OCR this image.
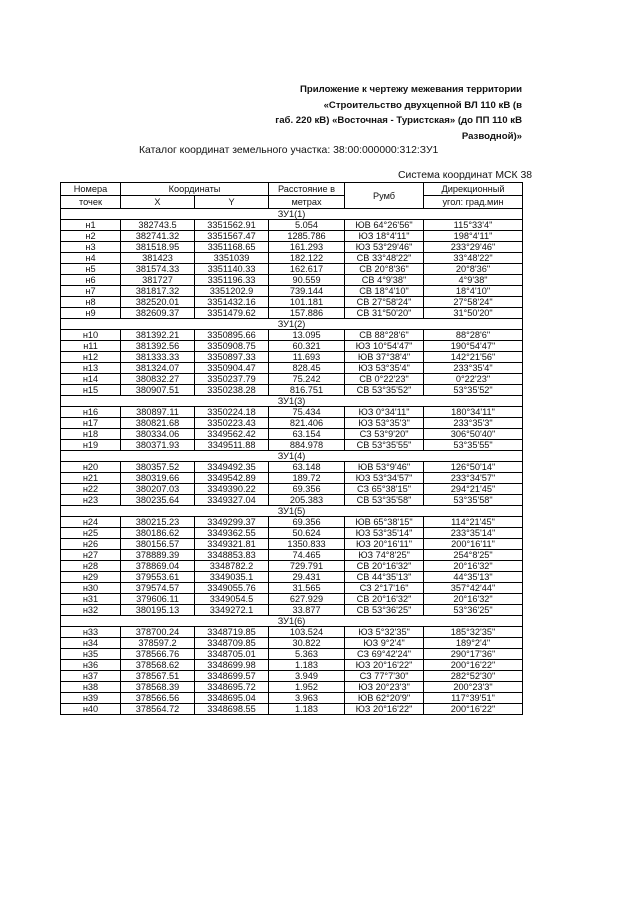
Приложение к чертежу межевания территории
«Строительство двухцепной ВЛ 110 кВ (в
габ. 220 кВ) «Восточная - Туристская» (до ПП 110 кВ
Разводной)»
Каталог координат земельного участка: 38:00:000000:312:ЗУ1
Система координат МСК 38
Номера	Координаты		Расстояние в	Румб	Дирекционный
точек	X	Y	метрах		угол: град.мин
ЗУ1(1)					
н1	382743.5	3351562.91	5.054	ЮВ 64°26'56"	115°33'4"
н2	382741.32	3351567.47	1285.786	ЮЗ 18°4'11"	198°4'11"
н3	381518.95	3351168.65	161.293	ЮЗ 53°29'46"	233°29'46"
н4	381423	3351039	182.122	СВ 33°48'22"	33°48'22"
н5	381574.33	3351140.33	162.617	СВ 20°8'36"	20°8'36"
н6	381727	3351196.33	90.559	СВ 4°9'38"	4°9'38"
н7	381817.32	3351202.9	739.144	СВ 18°4'10"	18°4'10"
н8	382520.01	3351432.16	101.181	СВ 27°58'24"	27°58'24"
н9	382609.37	3351479.62	157.886	СВ 31°50'20"	31°50'20"
ЗУ1(2)					
н10	381392.21	3350895.66	13.095	СВ 88°28'6"	88°28'6"
н11	381392.56	3350908.75	60.321	ЮЗ 10°54'47"	190°54'47"
н12	381333.33	3350897.33	11.693	ЮВ 37°38'4"	142°21'56"
н13	381324.07	3350904.47	828.45	ЮЗ 53°35'4"	233°35'4"
н14	380832.27	3350237.79	75.242	СВ 0°22'23"	0°22'23"
н15	380907.51	3350238.28	816.751	СВ 53°35'52"	53°35'52"
ЗУ1(3)					
н16	380897.11	3350224.18	75.434	ЮЗ 0°34'11"	180°34'11"
н17	380821.68	3350223.43	821.406	ЮЗ 53°35'3"	233°35'3"
н18	380334.06	3349562.42	63.154	СЗ 53°9'20"	306°50'40"
н19	380371.93	3349511.88	884.978	СВ 53°35'55"	53°35'55"
ЗУ1(4)					
н20	380357.52	3349492.35	63.148	ЮВ 53°9'46"	126°50'14"
н21	380319.66	3349542.89	189.72	ЮЗ 53°34'57"	233°34'57"
н22	380207.03	3349390.22	69.356	СЗ 65°38'15"	294°21'45"
н23	380235.64	3349327.04	205.383	СВ 53°35'58"	53°35'58"
ЗУ1(5)					
н24	380215.23	3349299.37	69.356	ЮВ 65°38'15"	114°21'45"
н25	380186.62	3349362.55	50.624	ЮЗ 53°35'14"	233°35'14"
н26	380156.57	3349321.81	1350.833	ЮЗ 20°16'11"	200°16'11"
н27	378889.39	3348853.83	74.465	ЮЗ 74°8'25"	254°8'25"
н28	378869.04	3348782.2	729.791	СВ 20°16'32"	20°16'32"
н29	379553.61	3349035.1	29.431	СВ 44°35'13"	44°35'13"
н30	379574.57	3349055.76	31.565	СЗ 2°17'16"	357°42'44"
н31	379606.11	3349054.5	627.929	СВ 20°16'32"	20°16'32"
н32	380195.13	3349272.1	33.877	СВ 53°36'25"	53°36'25"
ЗУ1(6)					
н33	378700.24	3348719.85	103.524	ЮЗ 5°32'35"	185°32'35"
н34	378597.2	3348709.85	30.822	ЮЗ 9°2'4"	189°2'4"
н35	378566.76	3348705.01	5.363	СЗ 69°42'24"	290°17'36"
н36	378568.62	3348699.98	1.183	ЮЗ 20°16'22"	200°16'22"
н37	378567.51	3348699.57	3.949	СЗ 77°7'30"	282°52'30"
н38	378568.39	3348695.72	1.952	ЮЗ 20°23'3"	200°23'3"
н39	378566.56	3348695.04	3.963	ЮВ 62°20'9"	117°39'51"
н40	378564.72	3348698.55	1.183	ЮЗ 20°16'22"	200°16'22"
